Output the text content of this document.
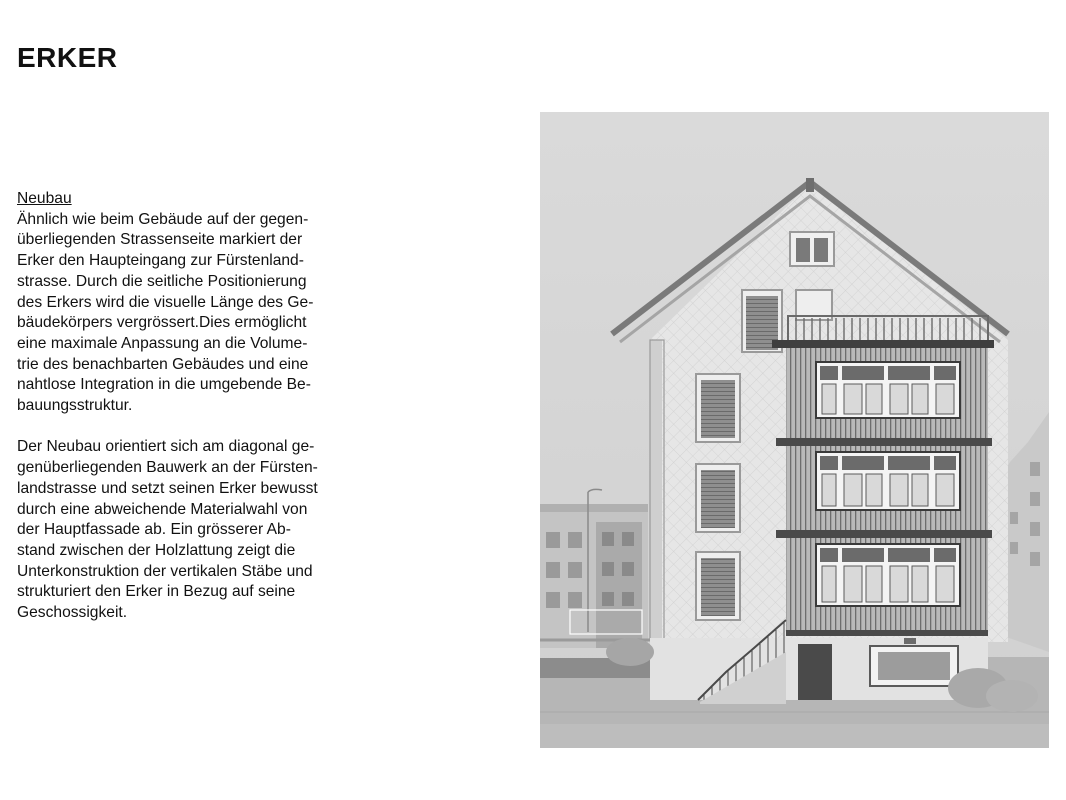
ERKER
Neubau

Ähnlich wie beim Gebäude auf der gegen-
überliegenden Strassenseite markiert der
Erker den Haupteingang zur Fürstenland-
strasse. Durch die seitliche Positionierung
des Erkers wird die visuelle Länge des Ge-
bäudekörpers vergrössert.Dies ermöglicht
eine maximale Anpassung an die Volume-
trie des benachbarten Gebäudes und eine
nahtlose Integration in die umgebende Be-
bauungsstruktur.

Der Neubau orientiert sich am diagonal ge-
genüberliegenden Bauwerk an der Fürsten-
landstrasse und setzt seinen Erker bewusst
durch eine abweichende Materialwahl von
der Hauptfassade ab. Ein grösserer Ab-
stand zwischen der Holzlattung zeigt die
Unterkonstruktion der vertikalen Stäbe und
strukturiert den Erker in Bezug auf seine
Geschossigkeit.
